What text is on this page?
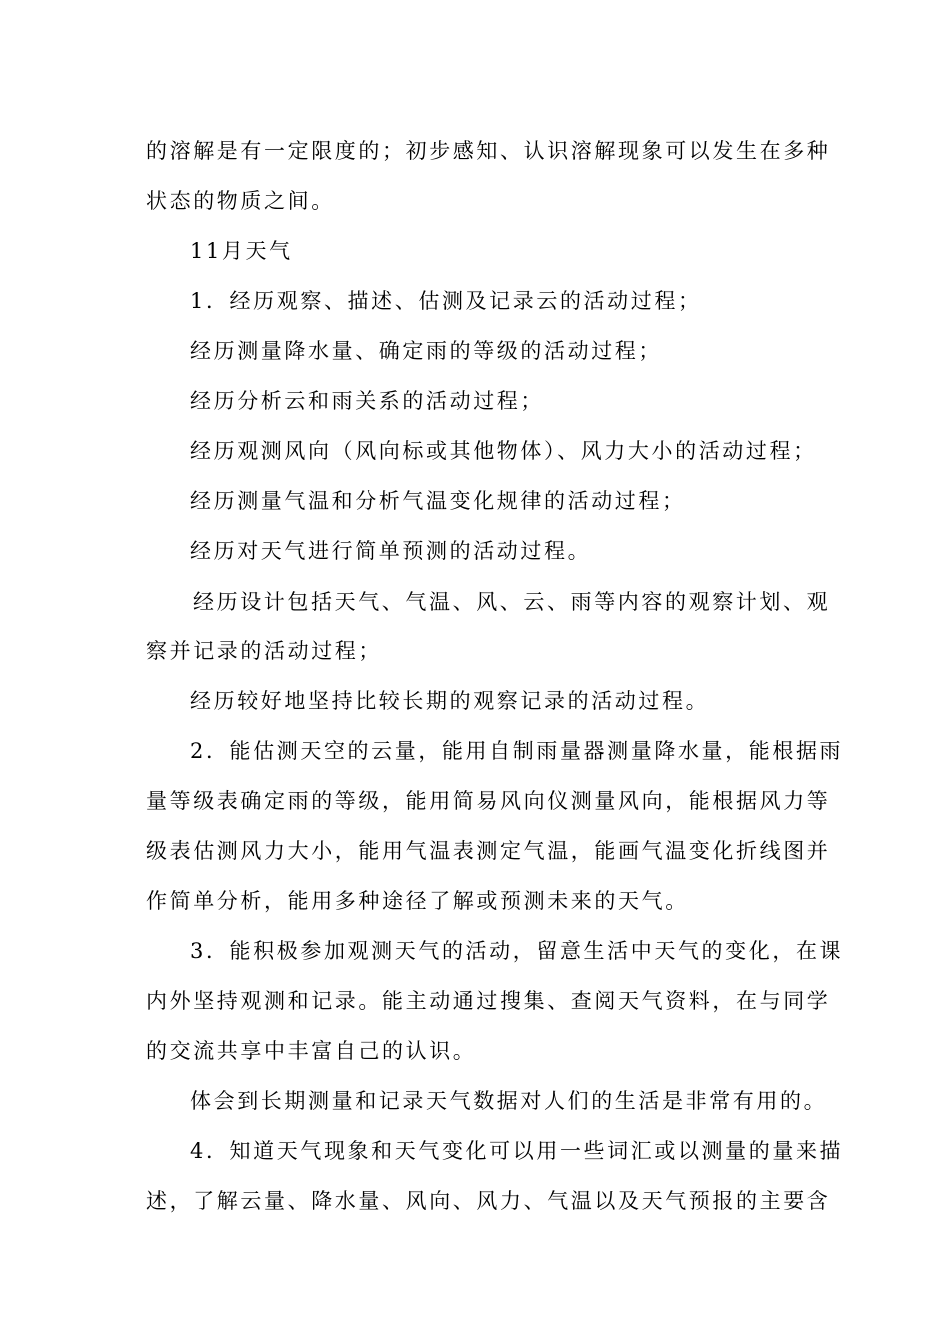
的溶解是有一定限度的；初步感知、认识溶解现象可以发生在多种
状态的物质之间。
11月天气
1．经历观察、描述、估测及记录云的活动过程；
经历测量降水量、确定雨的等级的活动过程；
经历分析云和雨关系的活动过程；
经历观测风向（风向标或其他物体）、风力大小的活动过程；
经历测量气温和分析气温变化规律的活动过程；
经历对天气进行简单预测的活动过程。
经历设计包括天气、气温、风、云、雨等内容的观察计划、观
察并记录的活动过程；
经历较好地坚持比较长期的观察记录的活动过程。
2．能估测天空的云量，能用自制雨量器测量降水量，能根据雨
量等级表确定雨的等级，能用简易风向仪测量风向，能根据风力等
级表估测风力大小，能用气温表测定气温，能画气温变化折线图并
作简单分析，能用多种途径了解或预测未来的天气。
3．能积极参加观测天气的活动，留意生活中天气的变化，在课
内外坚持观测和记录。能主动通过搜集、查阅天气资料，在与同学
的交流共享中丰富自己的认识。
体会到长期测量和记录天气数据对人们的生活是非常有用的。
4．知道天气现象和天气变化可以用一些词汇或以测量的量来描
述，了解云量、降水量、风向、风力、气温以及天气预报的主要含
